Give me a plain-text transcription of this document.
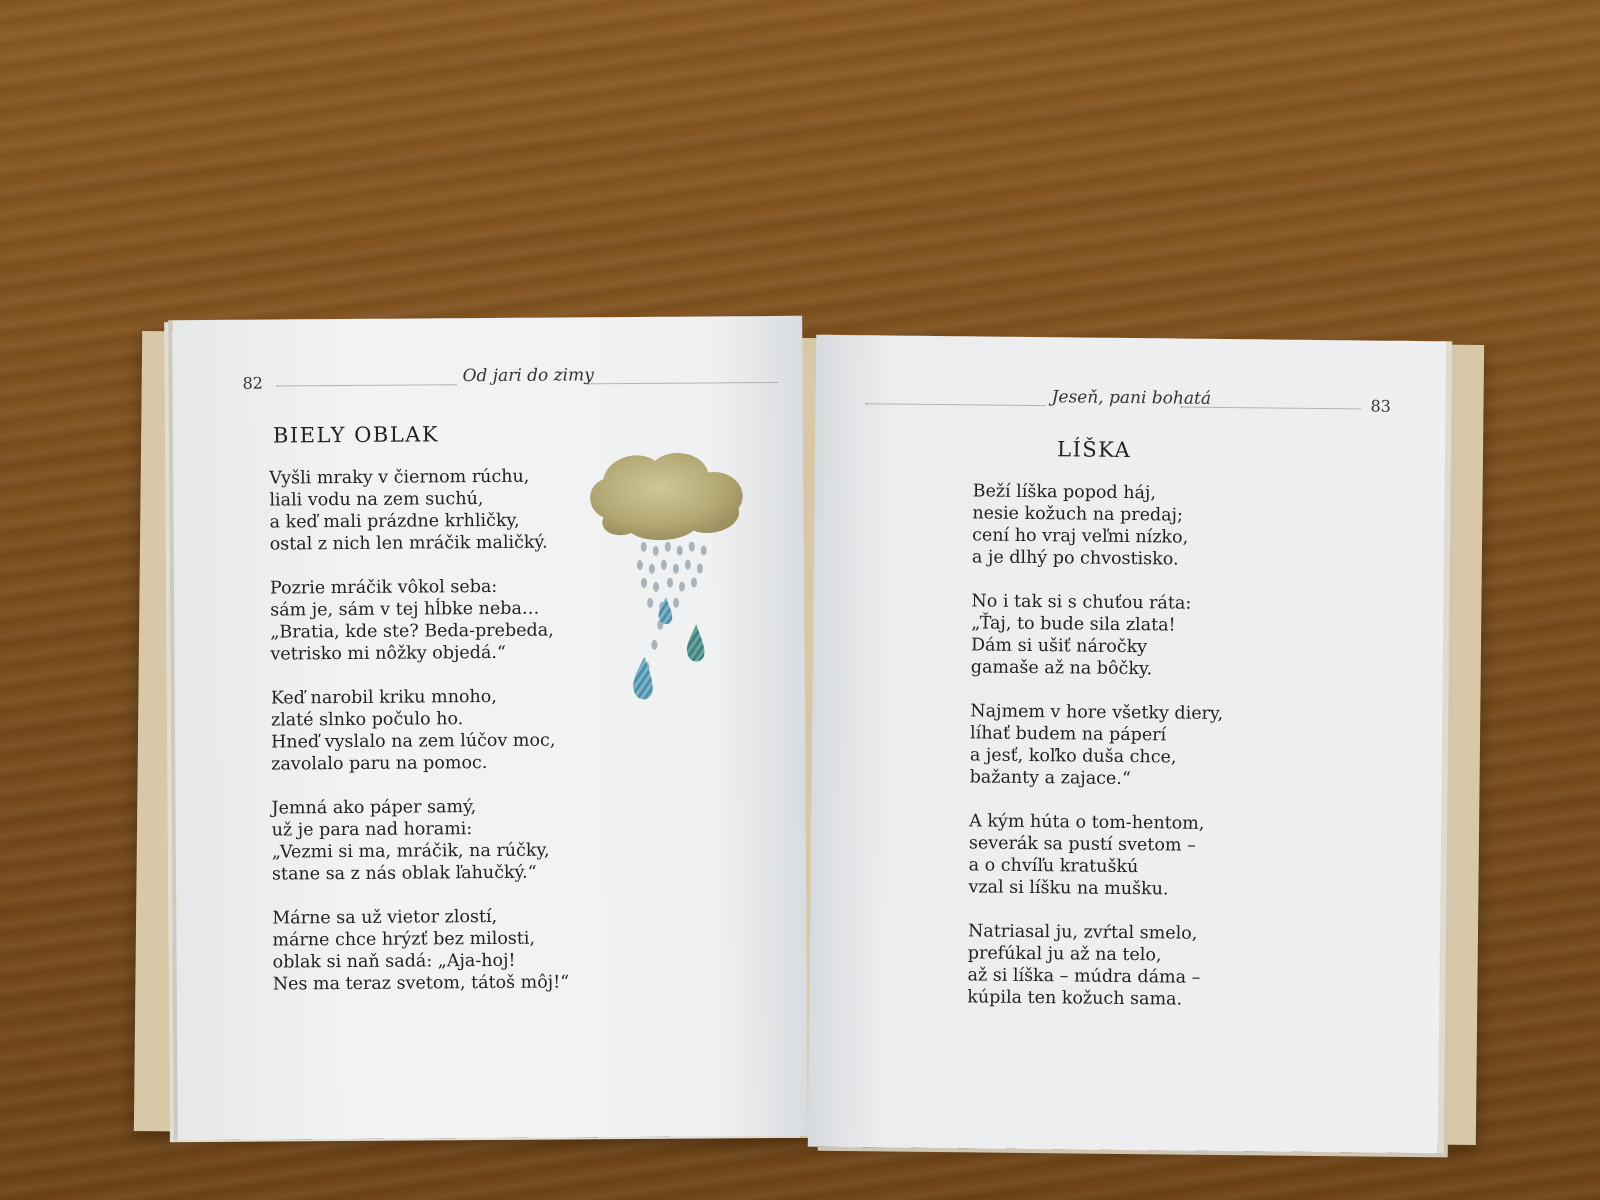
82	Od jari do zimy
BIELY OBLAK
Vyšli mraky v čiernom rúchu,
liali vodu na zem suchú,
a keď mali prázdne krhličky,
ostal z nich len mráčik maličký.
Pozrie mráčik vôkol seba:
sám je, sám v tej hĺbke neba…
„Bratia, kde ste? Beda-prebeda,
vetrisko mi nôžky objedá.“
Keď narobil kriku mnoho,
zlaté slnko počulo ho.
Hneď vyslalo na zem lúčov moc,
zavolalo paru na pomoc.
Jemná ako páper samý,
už je para nad horami:
„Vezmi si ma, mráčik, na rúčky,
stane sa z nás oblak ľahučký.“
Márne sa už vietor zlostí,
márne chce hrýzť bez milosti,
oblak si naň sadá: „Aja-hoj!
Nes ma teraz svetom, tátoš môj!“
Jeseň, pani bohatá	83
LÍŠKA
Beží líška popod háj,
nesie kožuch na predaj;
cení ho vraj veľmi nízko,
a je dlhý po chvostisko.
No i tak si s chuťou ráta:
„Ťaj, to bude sila zlata!
Dám si ušiť náročky
gamaše až na bôčky.
Najmem v hore všetky diery,
líhať budem na páperí
a jesť, koľko duša chce,
bažanty a zajace.“
A kým húta o tom-hentom,
severák sa pustí svetom –
a o chvíľu kratuškú
vzal si líšku na mušku.
Natriasal ju, zvŕtal smelo,
prefúkal ju až na telo,
až si líška – múdra dáma –
kúpila ten kožuch sama.
